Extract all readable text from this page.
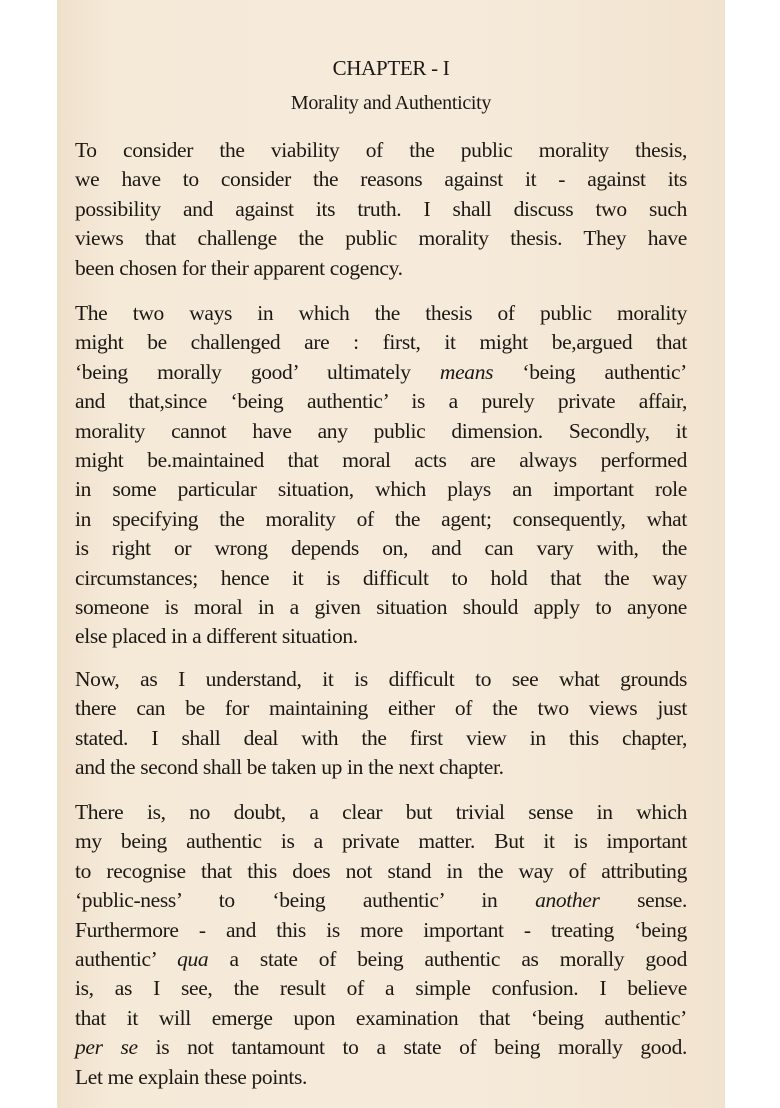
CHAPTER - I
Morality and Authenticity
To consider the viability of the public morality thesis,
we have to consider the reasons against it - against its
possibility and against its truth. I shall discuss two such
views that challenge the public morality thesis. They have
been chosen for their apparent cogency.
The two ways in which the thesis of public morality
might be challenged are : first, it might be,argued that
‘being morally good’ ultimately means ‘being authentic’
and that,since ‘being authentic’ is a purely private affair,
morality cannot have any public dimension. Secondly, it
might be.maintained that moral acts are always performed
in some particular situation, which plays an important role
in specifying the morality of the agent; consequently, what
is right or wrong depends on, and can vary with, the
circumstances; hence it is difficult to hold that the way
someone is moral in a given situation should apply to anyone
else placed in a different situation.
Now, as I understand, it is difficult to see what grounds
there can be for maintaining either of the two views just
stated. I shall deal with the first view in this chapter,
and the second shall be taken up in the next chapter.
There is, no doubt, a clear but trivial sense in which
my being authentic is a private matter. But it is important
to recognise that this does not stand in the way of attributing
‘public-ness’ to ‘being authentic’ in another sense.
Furthermore - and this is more important - treating ‘being
authentic’ qua a state of being authentic as morally good
is, as I see, the result of a simple confusion. I believe
that it will emerge upon examination that ‘being authentic’
per se is not tantamount to a state of being morally good.
Let me explain these points.
